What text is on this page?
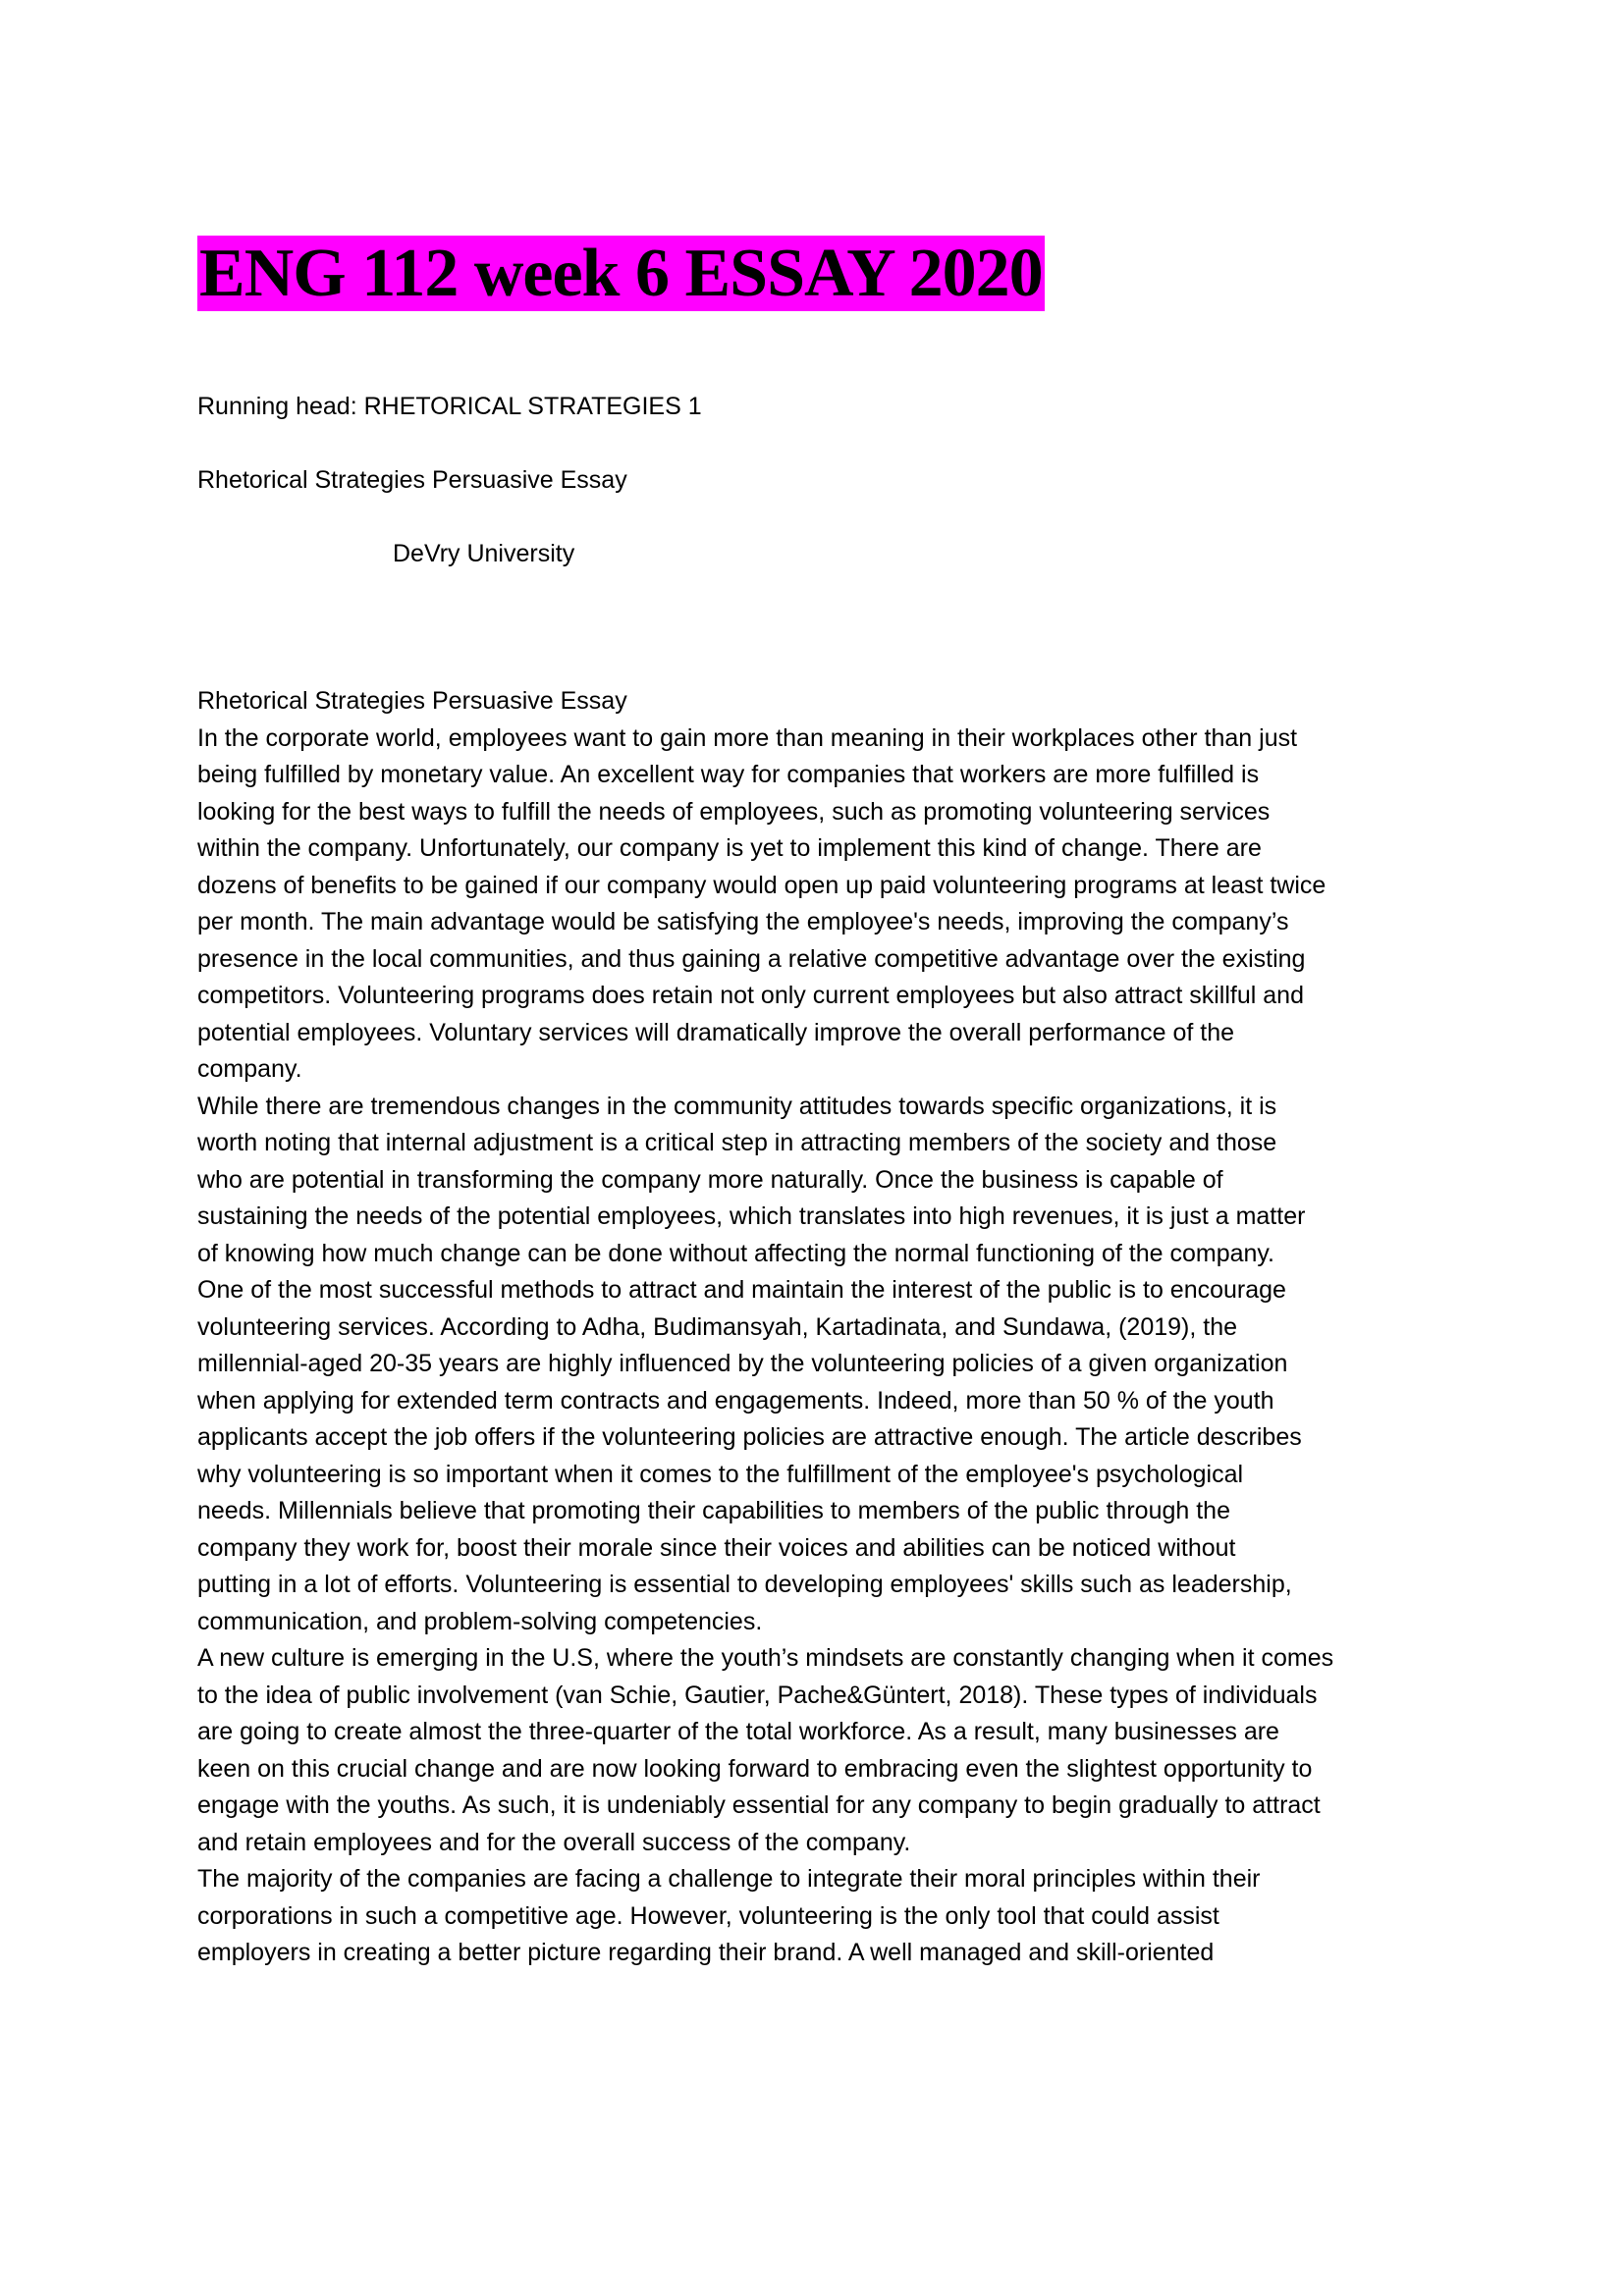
ENG 112 week 6 ESSAY 2020
Running head: RHETORICAL STRATEGIES 1
Rhetorical Strategies Persuasive Essay
DeVry University
Rhetorical Strategies Persuasive Essay
In the corporate world, employees want to gain more than meaning in their workplaces other than just
being fulfilled by monetary value. An excellent way for companies that workers are more fulfilled is
looking for the best ways to fulfill the needs of employees, such as promoting volunteering services
within the company. Unfortunately, our company is yet to implement this kind of change. There are
dozens of benefits to be gained if our company would open up paid volunteering programs at least twice
per month. The main advantage would be satisfying the employee's needs, improving the company’s
presence in the local communities, and thus gaining a relative competitive advantage over the existing
competitors. Volunteering programs does retain not only current employees but also attract skillful and
potential employees. Voluntary services will dramatically improve the overall performance of the
company.
While there are tremendous changes in the community attitudes towards specific organizations, it is
worth noting that internal adjustment is a critical step in attracting members of the society and those
who are potential in transforming the company more naturally. Once the business is capable of
sustaining the needs of the potential employees, which translates into high revenues, it is just a matter
of knowing how much change can be done without affecting the normal functioning of the company.
One of the most successful methods to attract and maintain the interest of the public is to encourage
volunteering services. According to Adha, Budimansyah, Kartadinata, and Sundawa, (2019), the
millennial-aged 20-35 years are highly influenced by the volunteering policies of a given organization
when applying for extended term contracts and engagements. Indeed, more than 50 % of the youth
applicants accept the job offers if the volunteering policies are attractive enough. The article describes
why volunteering is so important when it comes to the fulfillment of the employee's psychological
needs. Millennials believe that promoting their capabilities to members of the public through the
company they work for, boost their morale since their voices and abilities can be noticed without
putting in a lot of efforts. Volunteering is essential to developing employees' skills such as leadership,
communication, and problem-solving competencies.
A new culture is emerging in the U.S, where the youth’s mindsets are constantly changing when it comes
to the idea of public involvement (van Schie, Gautier, Pache&Güntert, 2018). These types of individuals
are going to create almost the three-quarter of the total workforce. As a result, many businesses are
keen on this crucial change and are now looking forward to embracing even the slightest opportunity to
engage with the youths. As such, it is undeniably essential for any company to begin gradually to attract
and retain employees and for the overall success of the company.
The majority of the companies are facing a challenge to integrate their moral principles within their
corporations in such a competitive age. However, volunteering is the only tool that could assist
employers in creating a better picture regarding their brand. A well managed and skill-oriented
